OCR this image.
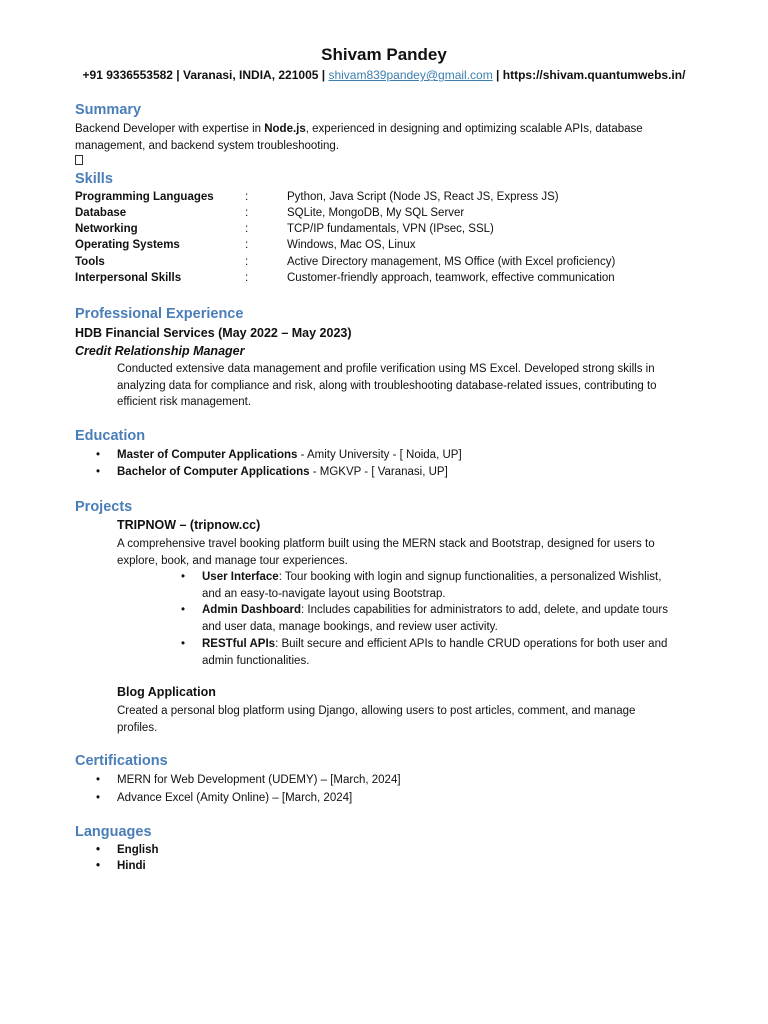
Shivam Pandey
+91 9336553582 | Varanasi, INDIA, 221005 | shivam839pandey@gmail.com | https://shivam.quantumwebs.in/
Summary
Backend Developer with expertise in Node.js, experienced in designing and optimizing scalable APIs, database
management, and backend system troubleshooting.
Skills
Programming Languages	:	Python, Java Script (Node JS, React JS, Express JS)
Database	:	SQLite, MongoDB, My SQL Server
Networking	:	TCP/IP fundamentals, VPN (IPsec, SSL)
Operating Systems	:	Windows, Mac OS, Linux
Tools	:	Active Directory management, MS Office (with Excel proficiency)
Interpersonal Skills	:	Customer-friendly approach, teamwork, effective communication
Professional Experience
HDB Financial Services (May 2022 – May 2023)
Credit Relationship Manager
Conducted extensive data management and profile verification using MS Excel. Developed strong skills in
analyzing data for compliance and risk, along with troubleshooting database-related issues, contributing to
efficient risk management.
Education
• Master of Computer Applications - Amity University - [ Noida, UP]
• Bachelor of Computer Applications - MGKVP - [ Varanasi, UP]
Projects
TRIPNOW – (tripnow.cc)
A comprehensive travel booking platform built using the MERN stack and Bootstrap, designed for users to
explore, book, and manage tour experiences.
• User Interface: Tour booking with login and signup functionalities, a personalized Wishlist,
and an easy-to-navigate layout using Bootstrap.
• Admin Dashboard: Includes capabilities for administrators to add, delete, and update tours
and user data, manage bookings, and review user activity.
• RESTful APIs: Built secure and efficient APIs to handle CRUD operations for both user and
admin functionalities.
Blog Application
Created a personal blog platform using Django, allowing users to post articles, comment, and manage
profiles.
Certifications
• MERN for Web Development (UDEMY) – [March, 2024]
• Advance Excel (Amity Online) – [March, 2024]
Languages
• English
• Hindi
